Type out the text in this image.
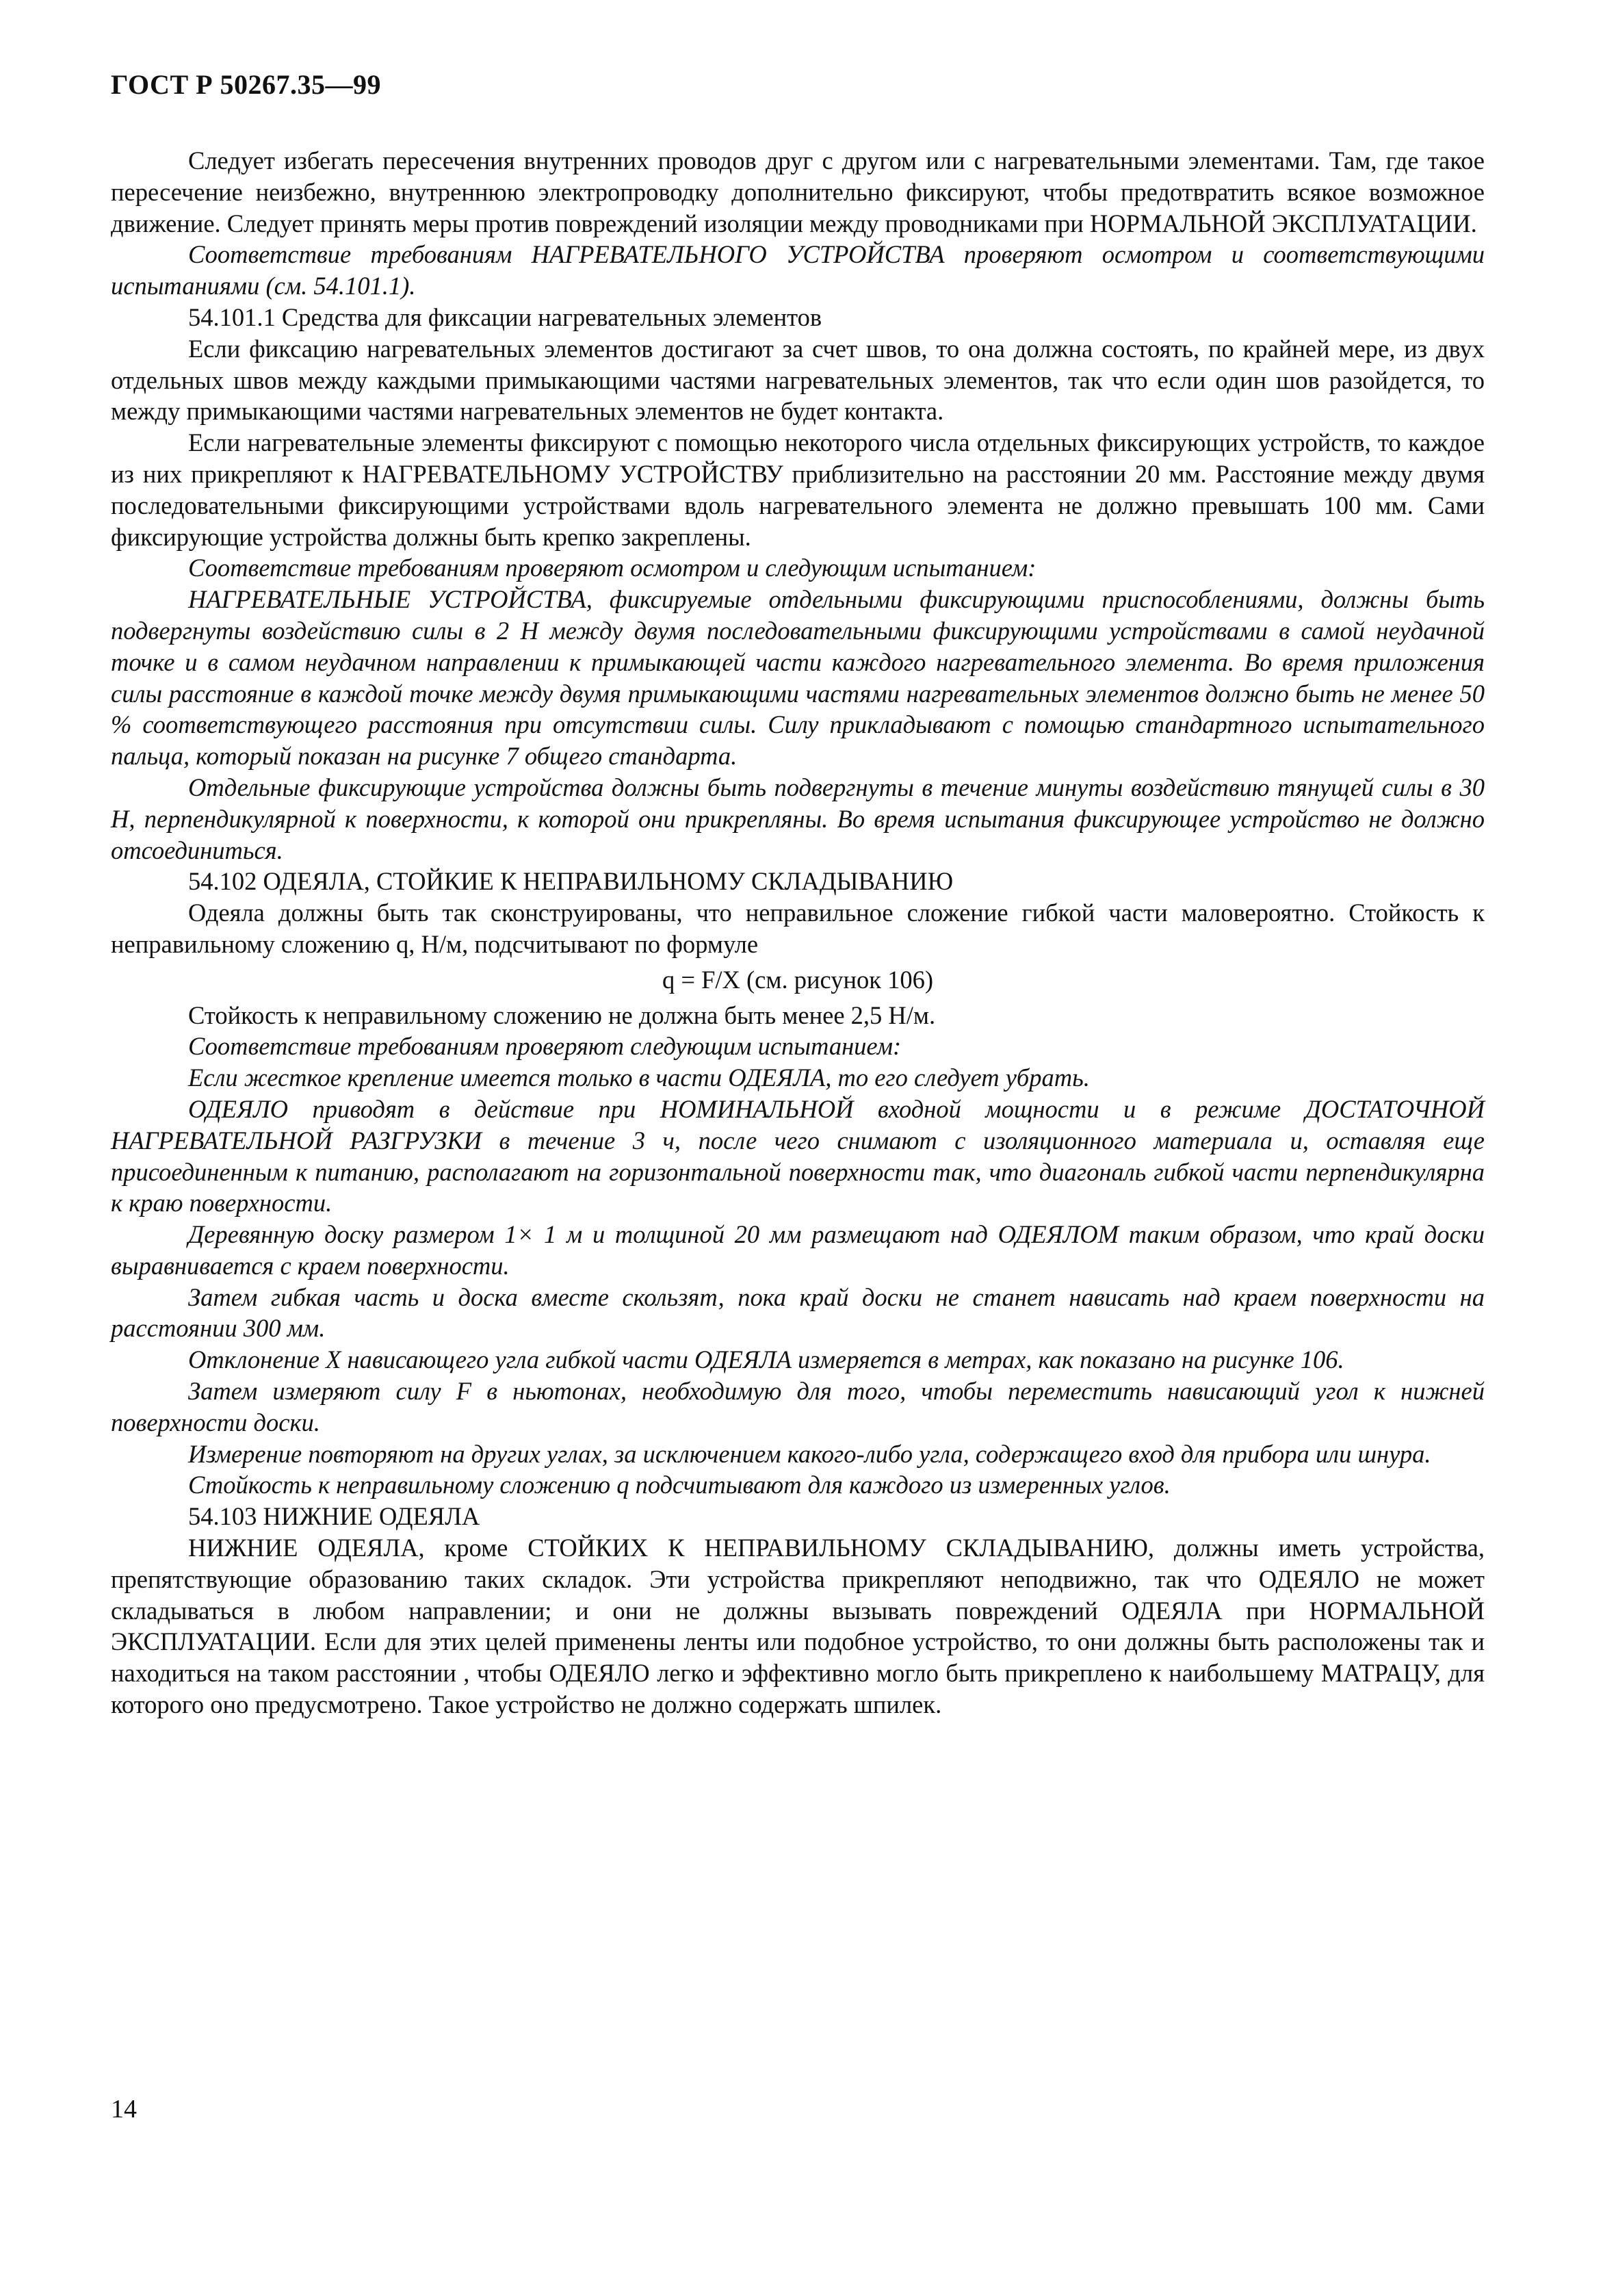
ГОСТ Р 50267.35—99

Следует избегать пересечения внутренних проводов друг с другом или с нагревательными элементами. Там, где такое пересечение неизбежно, внутреннюю электропроводку дополнительно фиксируют, чтобы предотвратить всякое возможное движение. Следует принять меры против повреждений изоляции между проводниками при НОРМАЛЬНОЙ ЭКСПЛУАТАЦИИ.

Соответствие требованиям НАГРЕВАТЕЛЬНОГО УСТРОЙСТВА проверяют осмотром и соответствующими испытаниями (см. 54.101.1).

54.101.1 Средства для фиксации нагревательных элементов

Если фиксацию нагревательных элементов достигают за счет швов, то она должна состоять, по крайней мере, из двух отдельных швов между каждыми примыкающими частями нагревательных элементов, так что если один шов разойдется, то между примыкающими частями нагревательных элементов не будет контакта.

Если нагревательные элементы фиксируют с помощью некоторого числа отдельных фиксирующих устройств, то каждое из них прикрепляют к НАГРЕВАТЕЛЬНОМУ УСТРОЙСТВУ приблизительно на расстоянии 20 мм. Расстояние между двумя последовательными фиксирующими устройствами вдоль нагревательного элемента не должно превышать 100 мм. Сами фиксирующие устройства должны быть крепко закреплены.

Соответствие требованиям проверяют осмотром и следующим испытанием:

НАГРЕВАТЕЛЬНЫЕ УСТРОЙСТВА, фиксируемые отдельными фиксирующими приспособлениями, должны быть подвергнуты воздействию силы в 2 Н между двумя последовательными фиксирующими устройствами в самой неудачной точке и в самом неудачном направлении к примыкающей части каждого нагревательного элемента. Во время приложения силы расстояние в каждой точке между двумя примыкающими частями нагревательных элементов должно быть не менее 50 % соответствующего расстояния при отсутствии силы. Силу прикладывают с помощью стандартного испытательного пальца, который показан на рисунке 7 общего стандарта.

Отдельные фиксирующие устройства должны быть подвергнуты в течение минуты воздействию тянущей силы в 30 Н, перпендикулярной к поверхности, к которой они прикрепляны. Во время испытания фиксирующее устройство не должно отсоединиться.

54.102 ОДЕЯЛА, СТОЙКИЕ К НЕПРАВИЛЬНОМУ СКЛАДЫВАНИЮ

Одеяла должны быть так сконструированы, что неправильное сложение гибкой части маловероятно. Стойкость к неправильному сложению q, Н/м, подсчитывают по формуле

q = F/X (см. рисунок 106)

Стойкость к неправильному сложению не должна быть менее 2,5 Н/м.

Соответствие требованиям проверяют следующим испытанием:

Если жесткое крепление имеется только в части ОДЕЯЛА, то его следует убрать.

ОДЕЯЛО приводят в действие при НОМИНАЛЬНОЙ входной мощности и в режиме ДОСТАТОЧНОЙ НАГРЕВАТЕЛЬНОЙ РАЗГРУЗКИ в течение 3 ч, после чего снимают с изоляционного материала и, оставляя еще присоединенным к питанию, располагают на горизонтальной поверхности так, что диагональ гибкой части перпендикулярна к краю поверхности.

Деревянную доску размером 1× 1 м и толщиной 20 мм размещают над ОДЕЯЛОМ таким образом, что край доски выравнивается с краем поверхности.

Затем гибкая часть и доска вместе скользят, пока край доски не станет нависать над краем поверхности на расстоянии 300 мм.

Отклонение X нависающего угла гибкой части ОДЕЯЛА измеряется в метрах, как показано на рисунке 106.

Затем измеряют силу F в ньютонах, необходимую для того, чтобы переместить нависающий угол к нижней поверхности доски.

Измерение повторяют на других углах, за исключением какого-либо угла, содержащего вход для прибора или шнура.

Стойкость к неправильному сложению q подсчитывают для каждого из измеренных углов.

54.103 НИЖНИЕ ОДЕЯЛА

НИЖНИЕ ОДЕЯЛА, кроме СТОЙКИХ К НЕПРАВИЛЬНОМУ СКЛАДЫВАНИЮ, должны иметь устройства, препятствующие образованию таких складок. Эти устройства прикрепляют неподвижно, так что ОДЕЯЛО не может складываться в любом направлении; и они не должны вызывать повреждений ОДЕЯЛА при НОРМАЛЬНОЙ ЭКСПЛУАТАЦИИ. Если для этих целей применены ленты или подобное устройство, то они должны быть расположены так и находиться на таком расстоянии , чтобы ОДЕЯЛО легко и эффективно могло быть прикреплено к наибольшему МАТРАЦУ, для которого оно предусмотрено. Такое устройство не должно содержать шпилек.

14
